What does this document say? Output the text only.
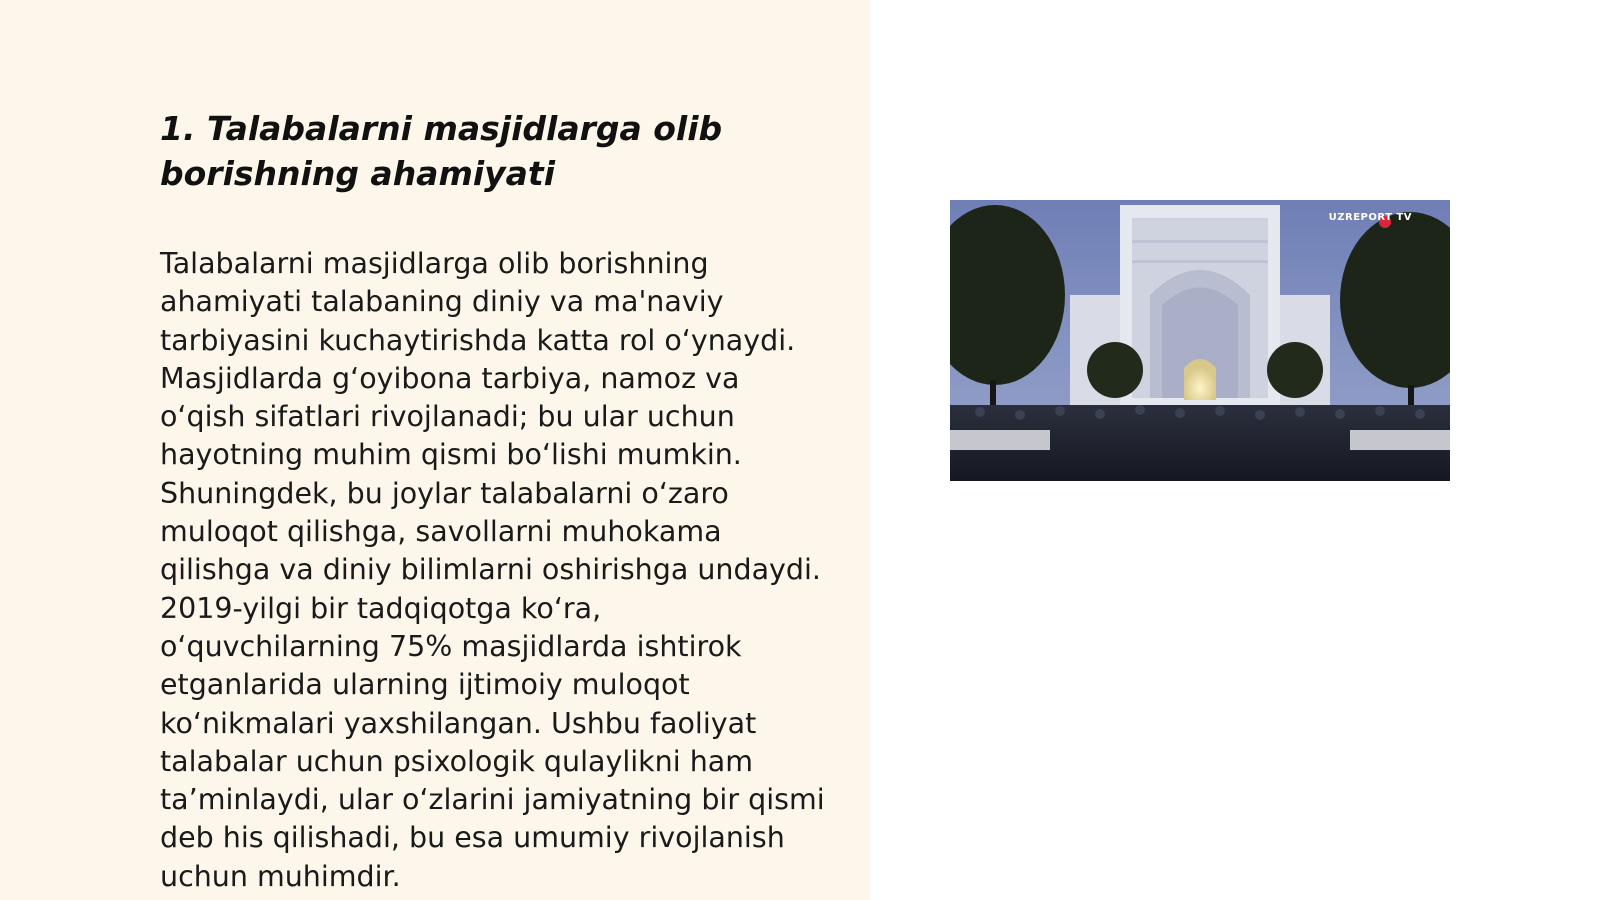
1. Talabalarni masjidlarga olib borishning ahamiyati

Talabalarni masjidlarga olib borishning ahamiyati talabaning diniy va ma'naviy tarbiyasini kuchaytirishda katta rol o‘ynaydi. Masjidlarda g‘oyibona tarbiya, namoz va o‘qish sifatlari rivojlanadi; bu ular uchun hayotning muhim qismi bo‘lishi mumkin. Shuningdek, bu joylar talabalarni o‘zaro muloqot qilishga, savollarni muhokama qilishga va diniy bilimlarni oshirishga undaydi. 2019-yilgi bir tadqiqotga ko‘ra, o‘quvchilarning 75% masjidlarda ishtirok etganlarida ularning ijtimoiy muloqot ko‘nikmalari yaxshilangan. Ushbu faoliyat talabalar uchun psixologik qulaylikni ham ta’minlaydi, ular o‘zlarini jamiyatning bir qismi deb his qilishadi, bu esa umumiy rivojlanish uchun muhimdir.

UZREPORT TV
